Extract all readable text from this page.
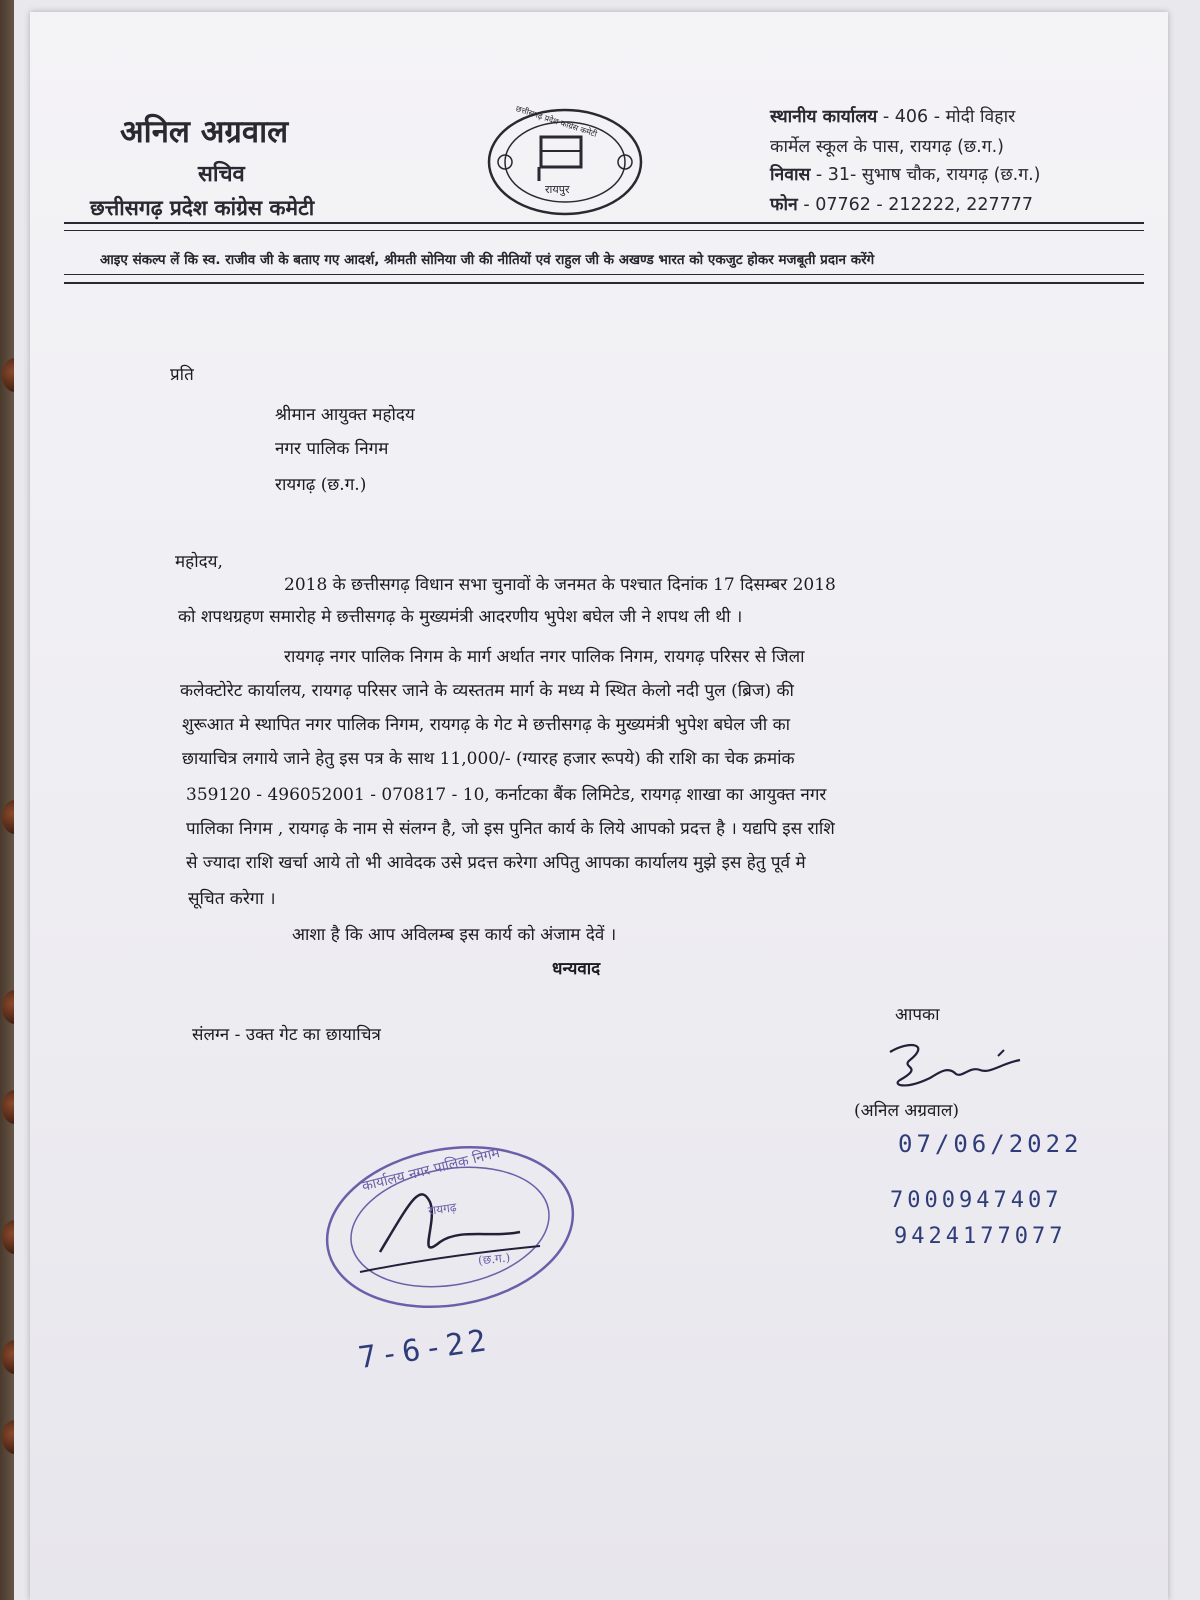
अनिल अग्रवाल
सचिव
छत्तीसगढ़ प्रदेश कांग्रेस कमेटी
छत्तीसगढ़ प्रदेश कांग्रेस कमेटी
रायपुर
स्थानीय कार्यालय - 406 - मोदी विहार
कार्मेल स्कूल के पास, रायगढ़ (छ.ग.)
निवास - 31- सुभाष चौक, रायगढ़ (छ.ग.)
फोन - 07762 - 212222, 227777
आइए संकल्प लें कि स्व. राजीव जी के बताए गए आदर्श, श्रीमती सोनिया जी की नीतियों एवं राहुल जी के अखण्ड भारत को एकजुट होकर मजबूती प्रदान करेंगे
प्रति
श्रीमान आयुक्त महोदय
नगर पालिक निगम
रायगढ़ (छ.ग.)
महोदय,
2018 के छत्तीसगढ़ विधान सभा चुनावों के जनमत के पश्चात दिनांक 17 दिसम्बर 2018
को शपथग्रहण समारोह मे छत्तीसगढ़ के मुख्यमंत्री आदरणीय भुपेश बघेल जी ने शपथ ली थी ।
रायगढ़ नगर पालिक निगम के मार्ग अर्थात नगर पालिक निगम, रायगढ़ परिसर से जिला
कलेक्टोरेट कार्यालय, रायगढ़ परिसर जाने के व्यस्ततम मार्ग के मध्य मे स्थित केलो नदी पुल (ब्रिज) की
शुरूआत मे स्थापित नगर पालिक निगम, रायगढ़ के गेट मे छत्तीसगढ़ के मुख्यमंत्री भुपेश बघेल जी का
छायाचित्र लगाये जाने हेतु इस पत्र के साथ 11,000/- (ग्यारह हजार रूपये) की राशि का चेक क्रमांक
359120 - 496052001 - 070817 - 10, कर्नाटका बैंक लिमिटेड, रायगढ़ शाखा का आयुक्त नगर
पालिका निगम , रायगढ़ के नाम से संलग्न है, जो इस पुनित कार्य के लिये आपको प्रदत्त है । यद्यपि इस राशि
से ज्यादा राशि खर्चा आये तो भी आवेदक उसे प्रदत्त करेगा अपितु आपका कार्यालय मुझे इस हेतु पूर्व मे
सूचित करेगा ।
आशा है कि आप अविलम्ब इस कार्य को अंजाम देवें ।
धन्यवाद
आपका
संलग्न - उक्त गेट का छायाचित्र
(अनिल अग्रवाल)
07/06/2022
7000947407
9424177077
कार्यालय नगर पालिक निगम
रायगढ़
(छ.ग.)
7-6-22
